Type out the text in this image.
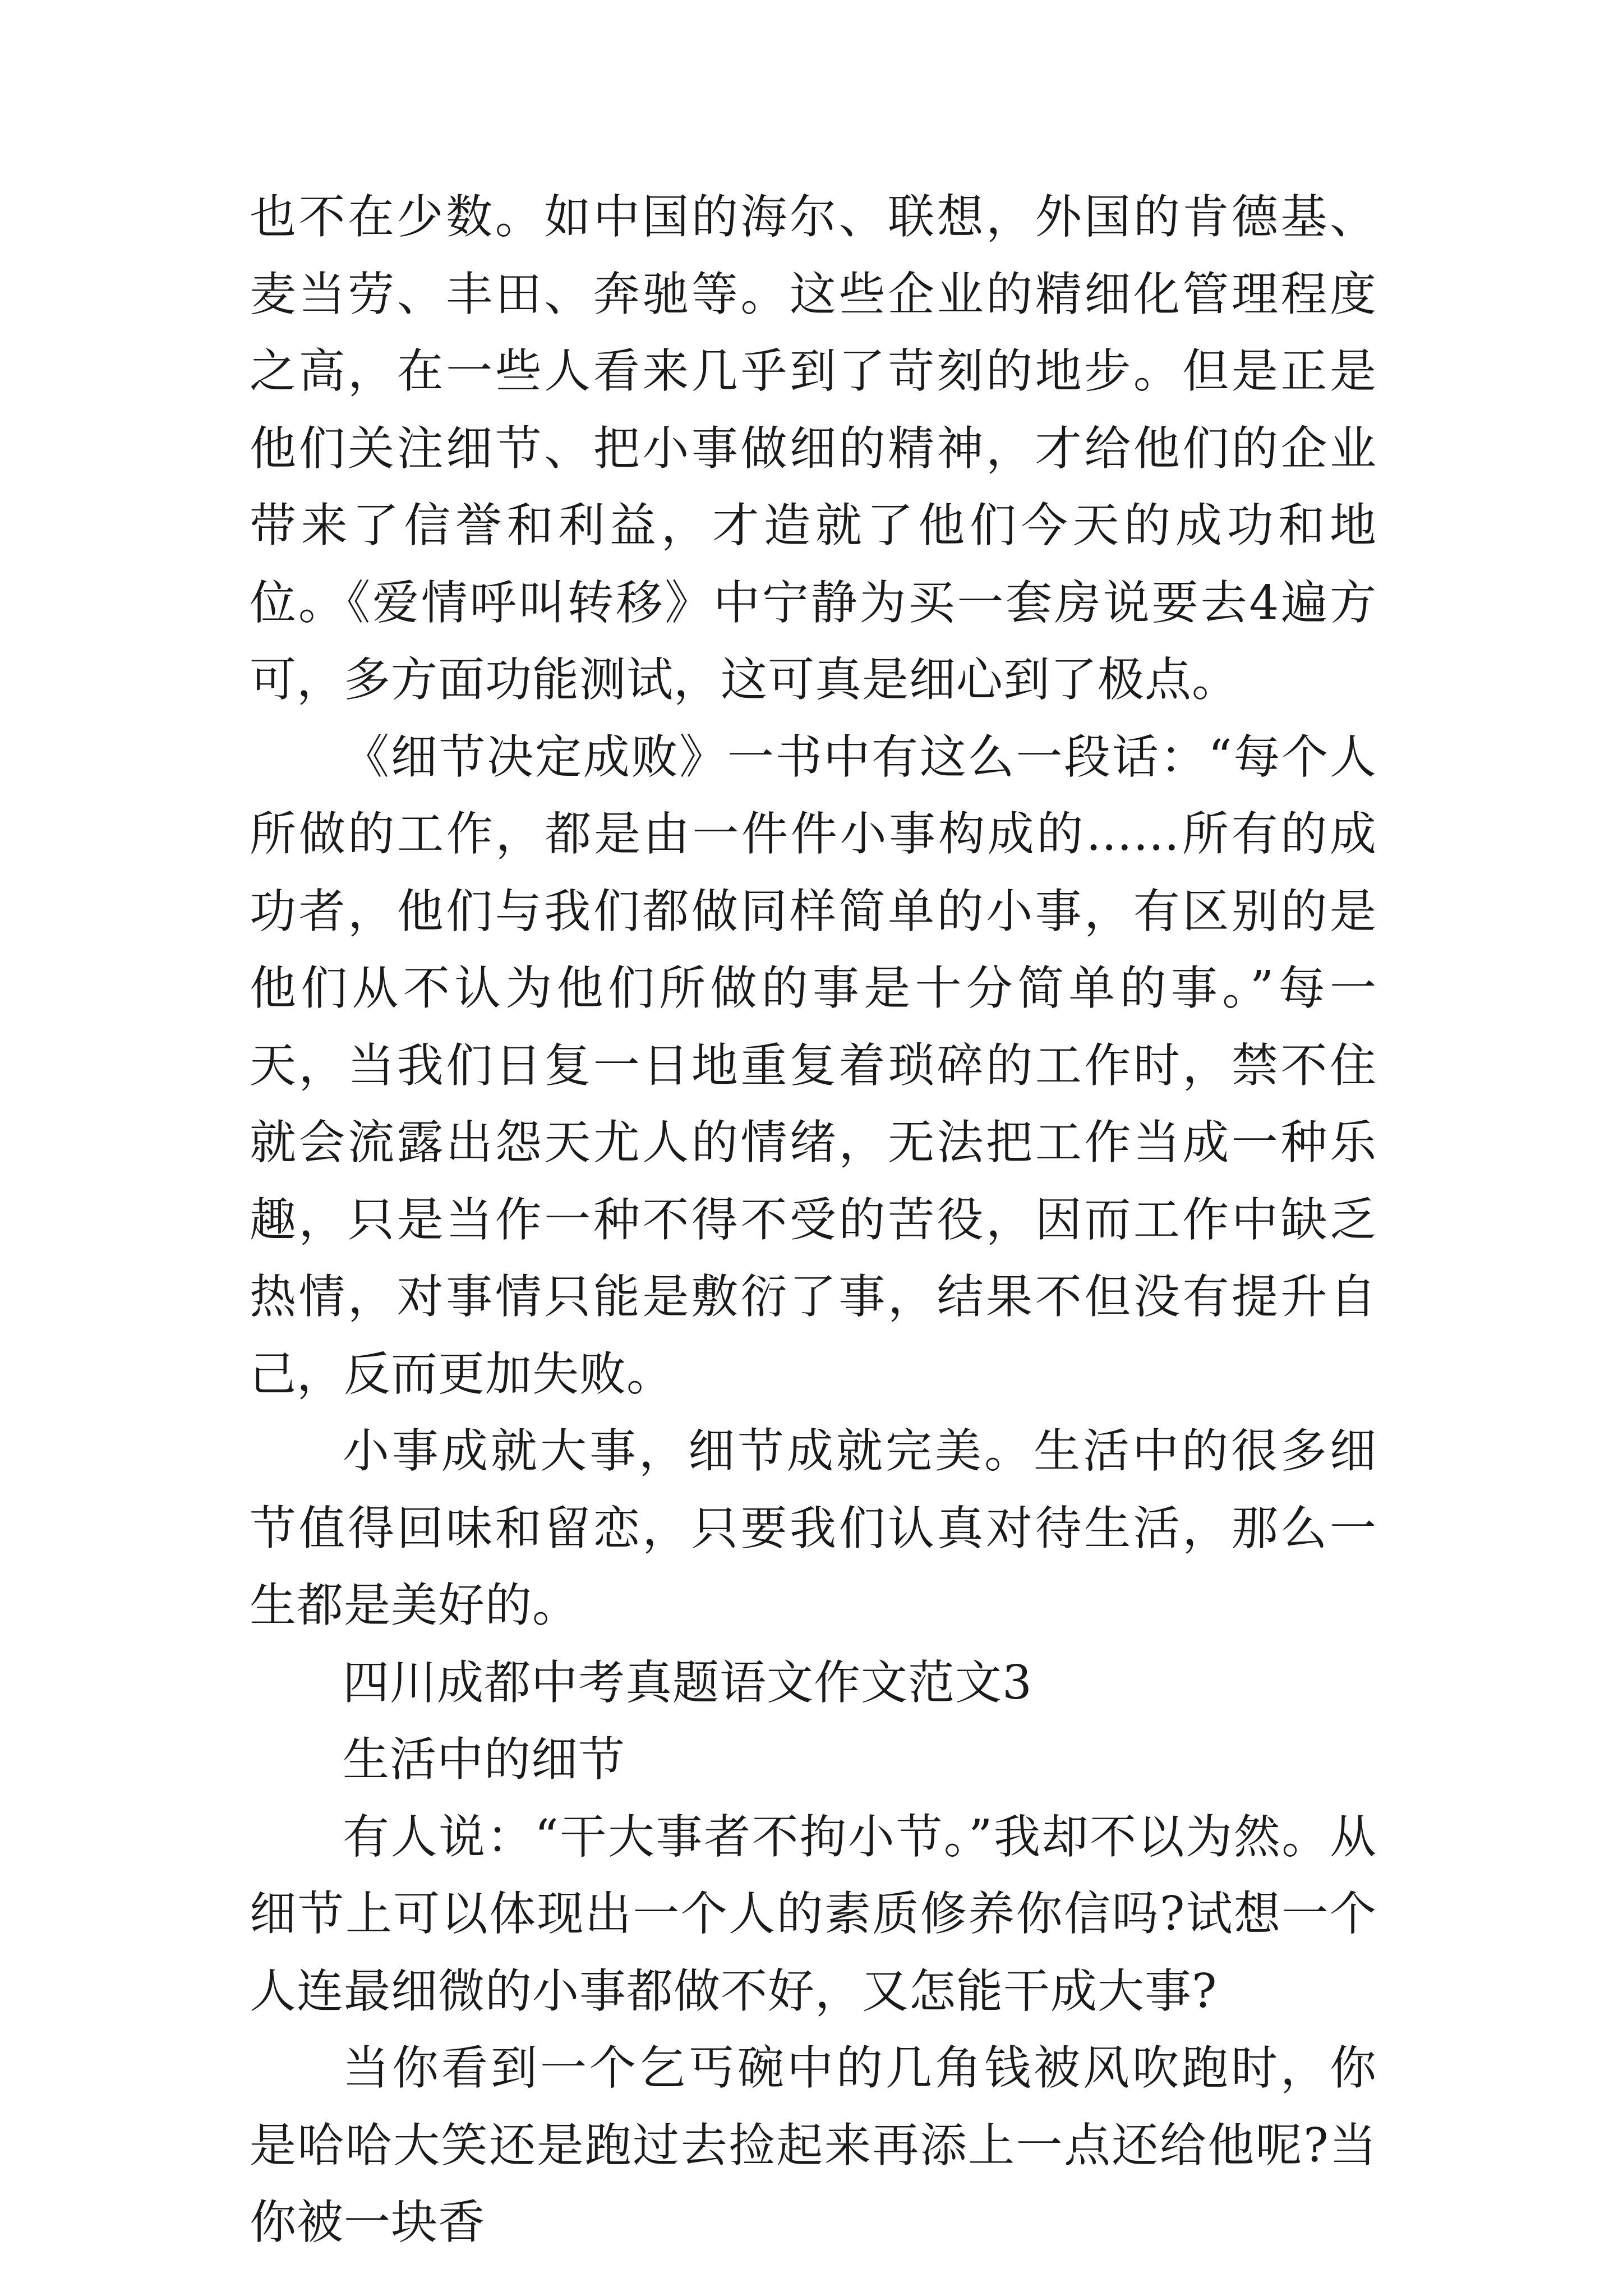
也不在少数。如中国的海尔、联想，外国的肯德基、麦当劳、丰田、奔驰等。这些企业的精细化管理程度之高，在一些人看来几乎到了苛刻的地步。但是正是他们关注细节、把小事做细的精神，才给他们的企业带来了信誉和利益，才造就了他们今天的成功和地位。《爱情呼叫转移》中宁静为买一套房说要去4遍方可，多方面功能测试，这可真是细心到了极点。

《细节决定成败》一书中有这么一段话：“每个人所做的工作，都是由一件件小事构成的……所有的成功者，他们与我们都做同样简单的小事，有区别的是他们从不认为他们所做的事是十分简单的事。”每一天，当我们日复一日地重复着琐碎的工作时，禁不住就会流露出怨天尤人的情绪，无法把工作当成一种乐趣，只是当作一种不得不受的苦役，因而工作中缺乏热情，对事情只能是敷衍了事，结果不但没有提升自己，反而更加失败。

小事成就大事，细节成就完美。生活中的很多细节值得回味和留恋，只要我们认真对待生活，那么一生都是美好的。

四川成都中考真题语文作文范文3

生活中的细节

有人说：“干大事者不拘小节。”我却不以为然。从细节上可以体现出一个人的素质修养你信吗?试想一个人连最细微的小事都做不好，又怎能干成大事?

当你看到一个乞丐碗中的几角钱被风吹跑时，你是哈哈大笑还是跑过去捡起来再添上一点还给他呢?当你被一块香
